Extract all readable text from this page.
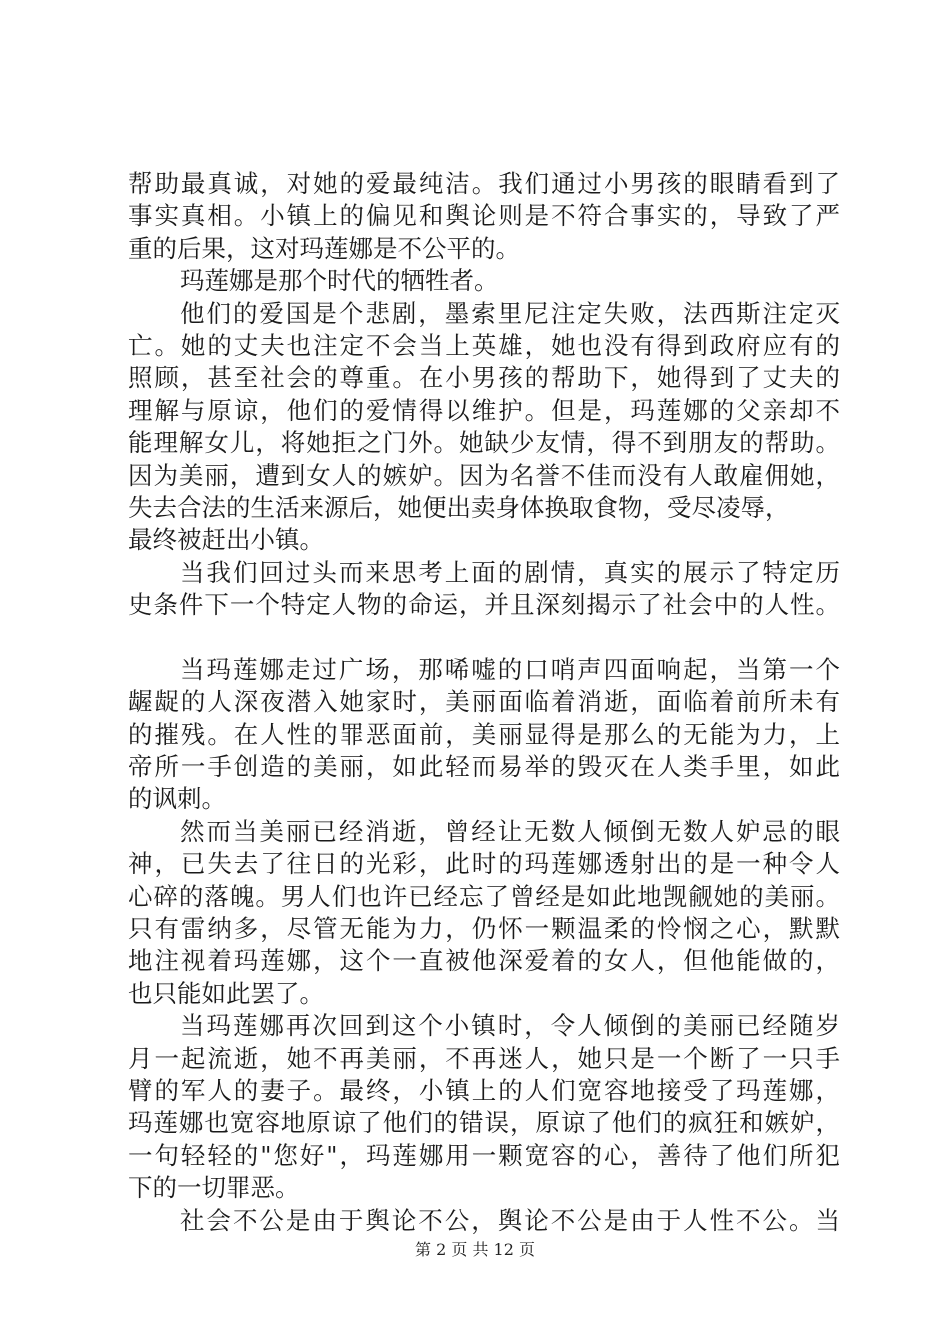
帮助最真诚，对她的爱最纯洁。我们通过小男孩的眼睛看到了
事实真相。小镇上的偏见和舆论则是不符合事实的，导致了严
重的后果，这对玛莲娜是不公平的。
玛莲娜是那个时代的牺牲者。
他们的爱国是个悲剧，墨索里尼注定失败，法西斯注定灭
亡。她的丈夫也注定不会当上英雄，她也没有得到政府应有的
照顾，甚至社会的尊重。在小男孩的帮助下，她得到了丈夫的
理解与原谅，他们的爱情得以维护。但是，玛莲娜的父亲却不
能理解女儿，将她拒之门外。她缺少友情，得不到朋友的帮助。
因为美丽，遭到女人的嫉妒。因为名誉不佳而没有人敢雇佣她，
失去合法的生活来源后，她便出卖身体换取食物，受尽凌辱，
最终被赶出小镇。
当我们回过头而来思考上面的剧情，真实的展示了特定历
史条件下一个特定人物的命运，并且深刻揭示了社会中的人性。
当玛莲娜走过广场，那唏嘘的口哨声四面响起，当第一个
龌龊的人深夜潜入她家时，美丽面临着消逝，面临着前所未有
的摧残。在人性的罪恶面前，美丽显得是那么的无能为力，上
帝所一手创造的美丽，如此轻而易举的毁灭在人类手里，如此
的讽刺。
然而当美丽已经消逝，曾经让无数人倾倒无数人妒忌的眼
神，已失去了往日的光彩，此时的玛莲娜透射出的是一种令人
心碎的落魄。男人们也许已经忘了曾经是如此地觊觎她的美丽。
只有雷纳多，尽管无能为力，仍怀一颗温柔的怜悯之心，默默
地注视着玛莲娜，这个一直被他深爱着的女人，但他能做的，
也只能如此罢了。
当玛莲娜再次回到这个小镇时，令人倾倒的美丽已经随岁
月一起流逝，她不再美丽，不再迷人，她只是一个断了一只手
臂的军人的妻子。最终，小镇上的人们宽容地接受了玛莲娜，
玛莲娜也宽容地原谅了他们的错误，原谅了他们的疯狂和嫉妒，
一句轻轻的"您好"，玛莲娜用一颗宽容的心，善待了他们所犯
下的一切罪恶。
社会不公是由于舆论不公，舆论不公是由于人性不公。当
第 2 页 共 12 页
